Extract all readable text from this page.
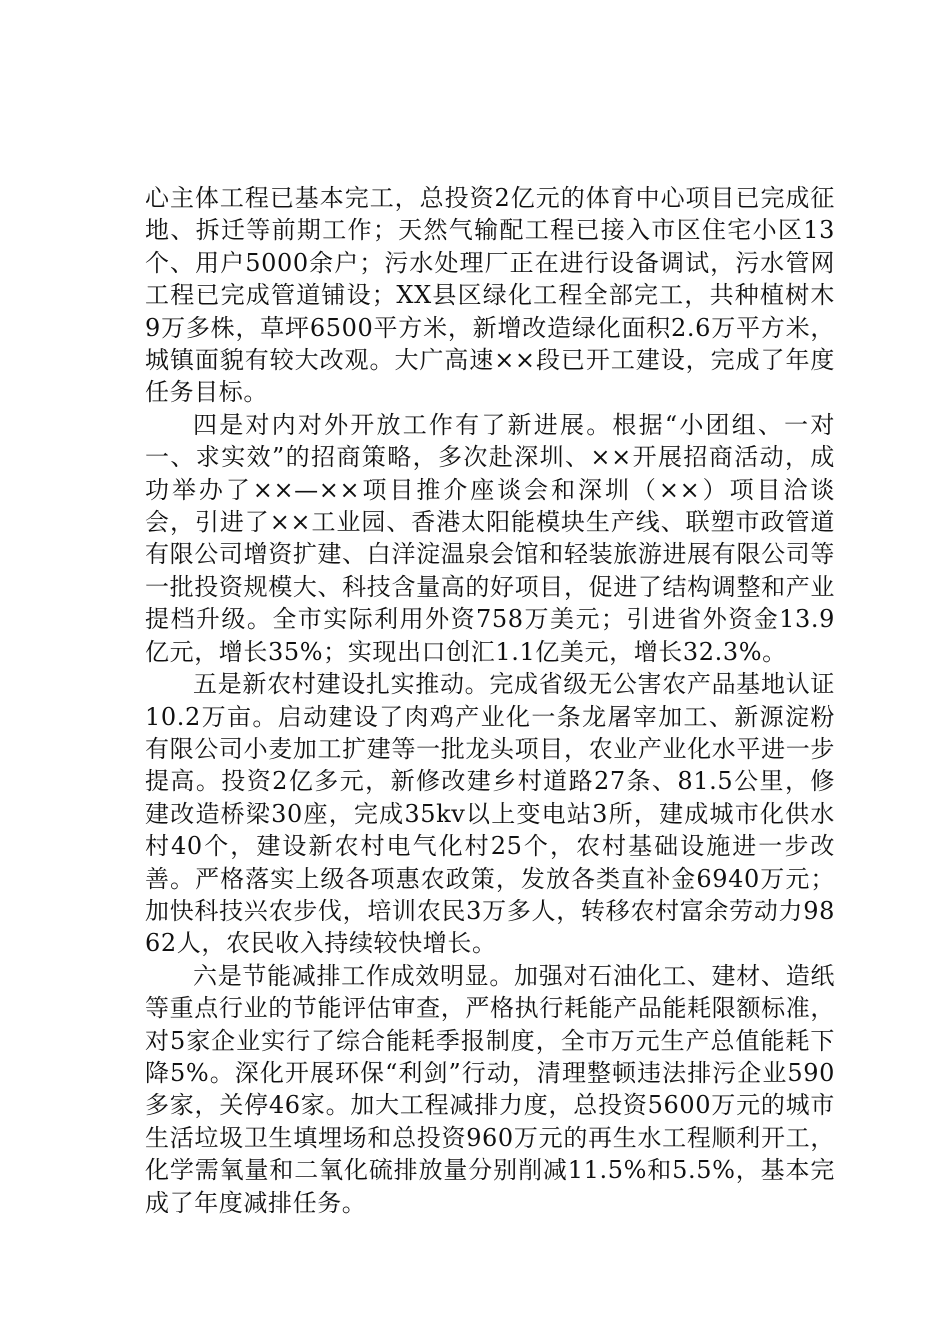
心主体工程已基本完工，总投资2亿元的体育中心项目已完成征地、拆迁等前期工作；天然气输配工程已接入市区住宅小区13个、用户5000余户；污水处理厂正在进行设备调试，污水管网工程已完成管道铺设；XX县区绿化工程全部完工，共种植树木9万多株，草坪6500平方米，新增改造绿化面积2.6万平方米，城镇面貌有较大改观。大广高速××段已开工建设，完成了年度任务目标。

四是对内对外开放工作有了新进展。根据“小团组、一对一、求实效”的招商策略，多次赴深圳、××开展招商活动，成功举办了××—××项目推介座谈会和深圳（××）项目洽谈会，引进了××工业园、香港太阳能模块生产线、联塑市政管道有限公司增资扩建、白洋淀温泉会馆和轻装旅游进展有限公司等一批投资规模大、科技含量高的好项目，促进了结构调整和产业提档升级。全市实际利用外资758万美元；引进省外资金13.9亿元，增长35%；实现出口创汇1.1亿美元，增长32.3%。

五是新农村建设扎实推动。完成省级无公害农产品基地认证10.2万亩。启动建设了肉鸡产业化一条龙屠宰加工、新源淀粉有限公司小麦加工扩建等一批龙头项目，农业产业化水平进一步提高。投资2亿多元，新修改建乡村道路27条、81.5公里，修建改造桥梁30座，完成35kv以上变电站3所，建成城市化供水村40个，建设新农村电气化村25个，农村基础设施进一步改善。严格落实上级各项惠农政策，发放各类直补金6940万元；加快科技兴农步伐，培训农民3万多人，转移农村富余劳动力9862人，农民收入持续较快增长。

六是节能减排工作成效明显。加强对石油化工、建材、造纸等重点行业的节能评估审查，严格执行耗能产品能耗限额标准，对5家企业实行了综合能耗季报制度，全市万元生产总值能耗下降5%。深化开展环保“利剑”行动，清理整顿违法排污企业590多家，关停46家。加大工程减排力度，总投资5600万元的城市生活垃圾卫生填埋场和总投资960万元的再生水工程顺利开工，化学需氧量和二氧化硫排放量分别削减11.5%和5.5%，基本完成了年度减排任务。
